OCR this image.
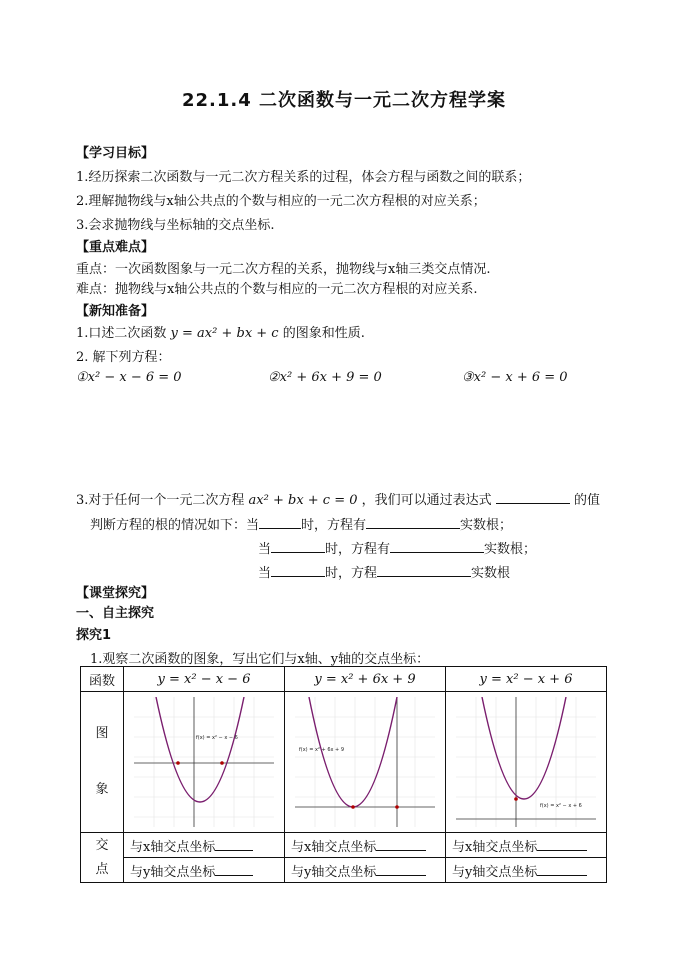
22.1.4 二次函数与一元二次方程学案
【学习目标】
1.经历探索二次函数与一元二次方程关系的过程，体会方程与函数之间的联系；
2.理解抛物线与x轴公共点的个数与相应的一元二次方程根的对应关系；
3.会求抛物线与坐标轴的交点坐标.
【重点难点】
重点：一次函数图象与一元二次方程的关系，抛物线与x轴三类交点情况.
难点：抛物线与x轴公共点的个数与相应的一元二次方程根的对应关系.
【新知准备】
1.口述二次函数 y = ax² + bx + c 的图象和性质.
2. 解下列方程：
①x² − x − 6 = 0	②x² + 6x + 9 = 0	③x² − x + 6 = 0
3.对于任何一个一元二次方程 ax² + bx + c = 0 ，我们可以通过表达式	的值
判断方程的根的情况如下：当	时，方程有	实数根；
当	时，方程有	实数根；
当	时，方程	实数根
【课堂探究】
一、自主探究
探究1
1.观察二次函数的图象，写出它们与x轴、y轴的交点坐标：
函数	y = x² − x − 6	y = x² + 6x + 9	y = x² − x + 6

图
象	f(x) = x² − x − 6	f(x) = x² + 6x + 9	f(x) = x² − x + 6

交
点	与x轴交点坐标	与x轴交点坐标	与x轴交点坐标
	与y轴交点坐标	与y轴交点坐标	与y轴交点坐标
